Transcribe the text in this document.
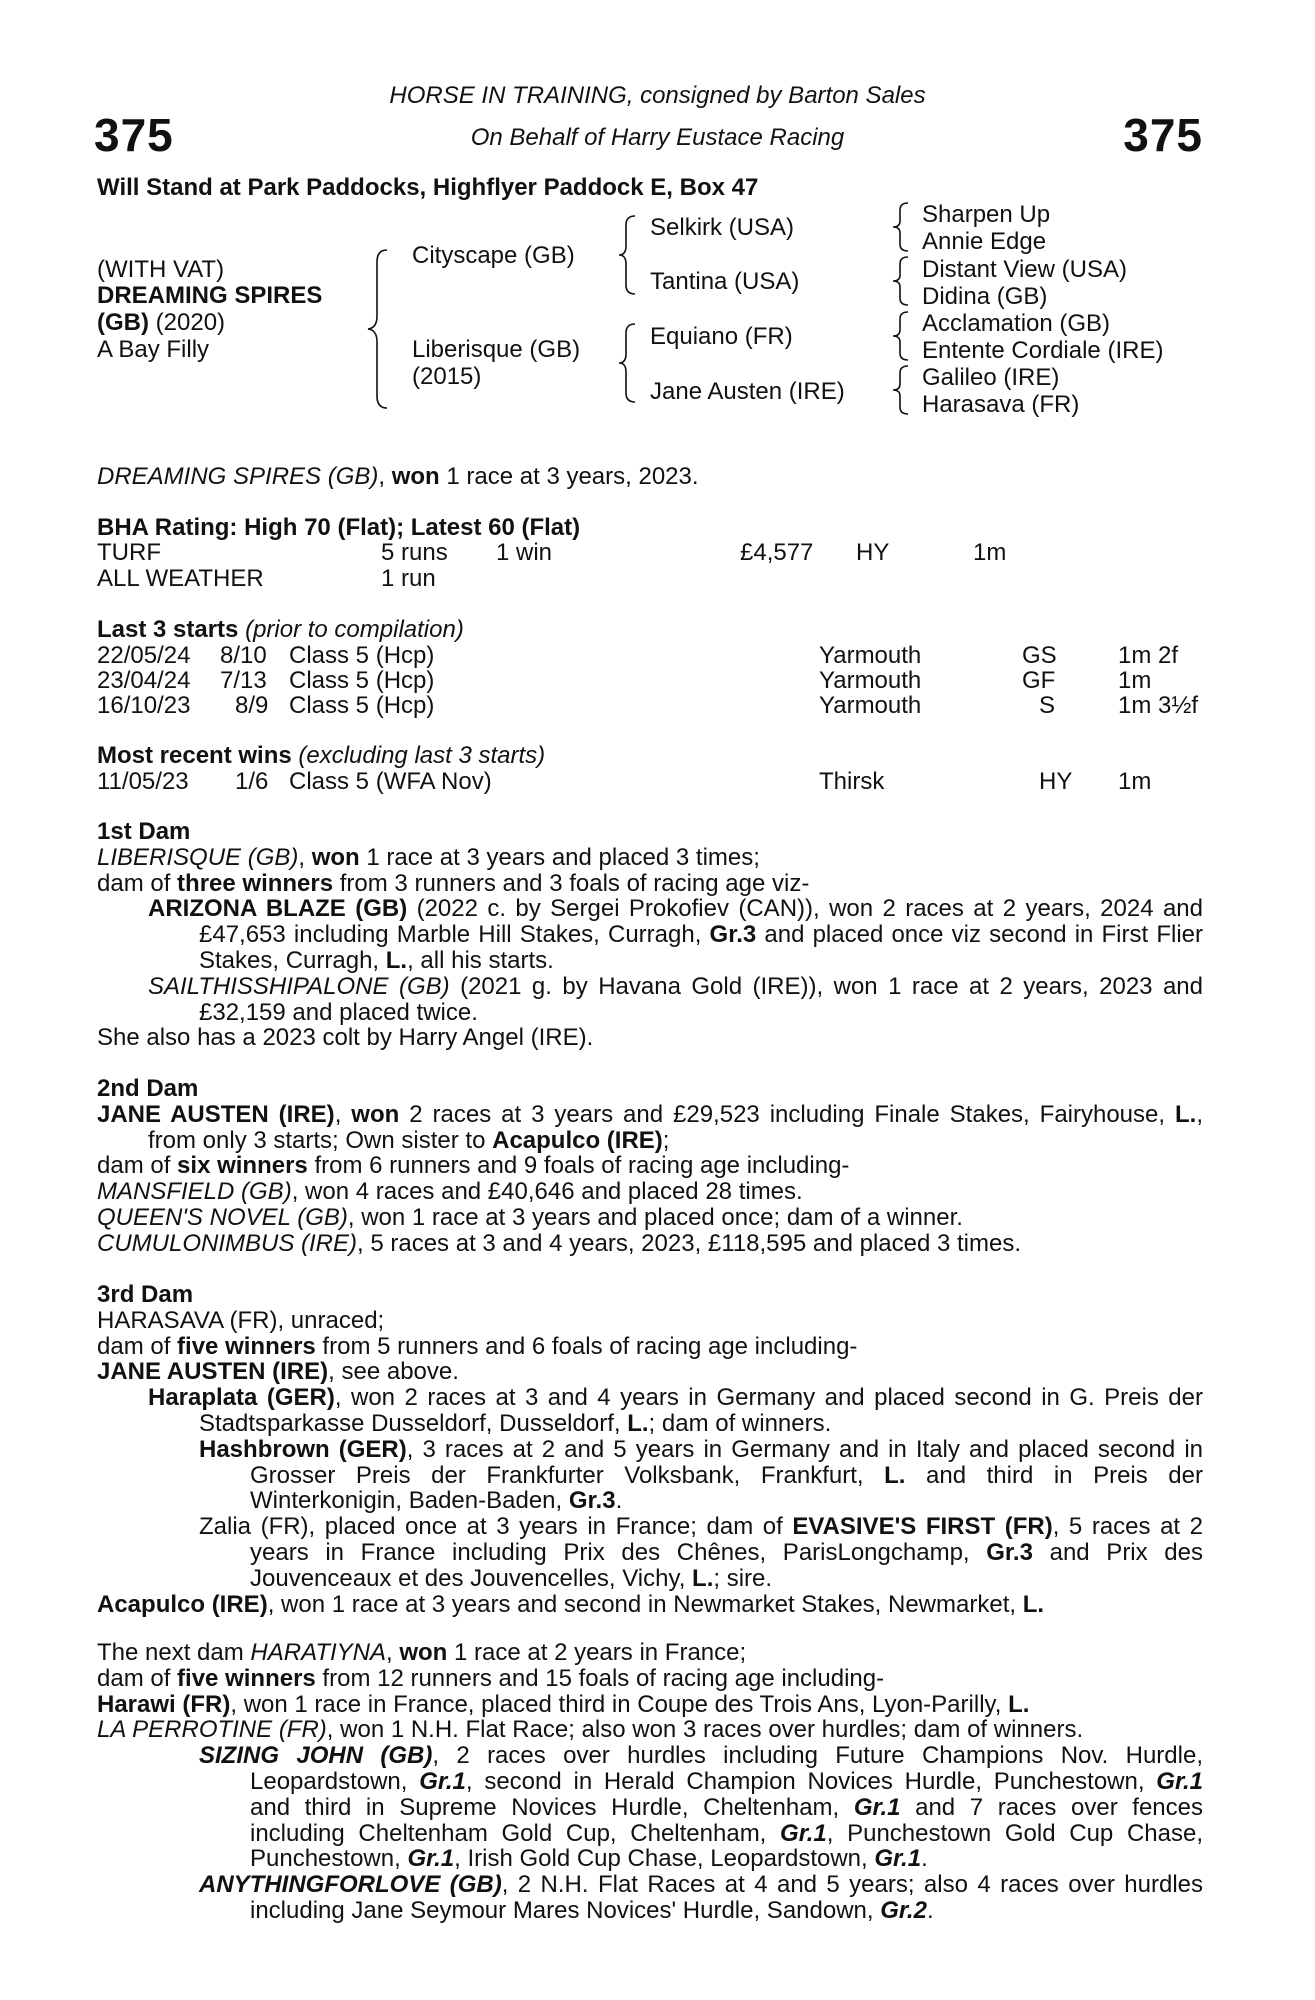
375	375
HORSE IN TRAINING, consigned by Barton Sales
On Behalf of Harry Eustace Racing
Will Stand at Park Paddocks, Highflyer Paddock E, Box 47
(WITH VAT)
DREAMING SPIRES
(GB) (2020)
A Bay Filly
Cityscape (GB)
Liberisque (GB)
(2015)
Selkirk (USA)
Tantina (USA)
Equiano (FR)
Jane Austen (IRE)
Sharpen Up
Annie Edge
Distant View (USA)
Didina (GB)
Acclamation (GB)
Entente Cordiale (IRE)
Galileo (IRE)
Harasava (FR)
DREAMING SPIRES (GB), won 1 race at 3 years, 2023.
BHA Rating: High 70 (Flat); Latest 60 (Flat)
TURF	5 runs 1 win	£4,577 HY	1m
ALL WEATHER	1 run
Last 3 starts (prior to compilation)
22/05/24 8/10 Class 5 (Hcp)	Yarmouth	GS	1m 2f
23/04/24 7/13 Class 5 (Hcp)	Yarmouth	GF	1m
16/10/23 8/9 Class 5 (Hcp)	Yarmouth	S	1m 3½f
Most recent wins (excluding last 3 starts)
11/05/23 1/6 Class 5 (WFA Nov)	Thirsk	HY 1m

1st Dam

LIBERISQUE (GB), won 1 race at 3 years and placed 3 times;

dam of three winners from 3 runners and 3 foals of racing age viz-

ARIZONA BLAZE (GB) (2022 c. by Sergei Prokofiev (CAN)), won 2 races at 2 years, 2024 and £47,653 including Marble Hill Stakes, Curragh, Gr.3 and placed once viz second in First Flier Stakes, Curragh, L., all his starts.

SAILTHISSHIPALONE (GB) (2021 g. by Havana Gold (IRE)), won 1 race at 2 years, 2023 and £32,159 and placed twice.

She also has a 2023 colt by Harry Angel (IRE).

2nd Dam

JANE AUSTEN (IRE), won 2 races at 3 years and £29,523 including Finale Stakes, Fairyhouse, L., from only 3 starts; Own sister to Acapulco (IRE);

dam of six winners from 6 runners and 9 foals of racing age including-

MANSFIELD (GB), won 4 races and £40,646 and placed 28 times.

QUEEN'S NOVEL (GB), won 1 race at 3 years and placed once; dam of a winner.

CUMULONIMBUS (IRE), 5 races at 3 and 4 years, 2023, £118,595 and placed 3 times.

3rd Dam

HARASAVA (FR), unraced;

dam of five winners from 5 runners and 6 foals of racing age including-

JANE AUSTEN (IRE), see above.

Haraplata (GER), won 2 races at 3 and 4 years in Germany and placed second in G. Preis der Stadtsparkasse Dusseldorf, Dusseldorf, L.; dam of winners.

Hashbrown (GER), 3 races at 2 and 5 years in Germany and in Italy and placed second in Grosser Preis der Frankfurter Volksbank, Frankfurt, L. and third in Preis der Winterkonigin, Baden-Baden, Gr.3.

Zalia (FR), placed once at 3 years in France; dam of EVASIVE'S FIRST (FR), 5 races at 2 years in France including Prix des Chênes, ParisLongchamp, Gr.3 and Prix des Jouvenceaux et des Jouvencelles, Vichy, L.; sire.

Acapulco (IRE), won 1 race at 3 years and second in Newmarket Stakes, Newmarket, L.

The next dam HARATIYNA, won 1 race at 2 years in France;

dam of five winners from 12 runners and 15 foals of racing age including-

Harawi (FR), won 1 race in France, placed third in Coupe des Trois Ans, Lyon-Parilly, L.

LA PERROTINE (FR), won 1 N.H. Flat Race; also won 3 races over hurdles; dam of winners.

SIZING JOHN (GB), 2 races over hurdles including Future Champions Nov. Hurdle, Leopardstown, Gr.1, second in Herald Champion Novices Hurdle, Punchestown, Gr.1 and third in Supreme Novices Hurdle, Cheltenham, Gr.1 and 7 races over fences including Cheltenham Gold Cup, Cheltenham, Gr.1, Punchestown Gold Cup Chase, Punchestown, Gr.1, Irish Gold Cup Chase, Leopardstown, Gr.1.

ANYTHINGFORLOVE (GB), 2 N.H. Flat Races at 4 and 5 years; also 4 races over hurdles including Jane Seymour Mares Novices' Hurdle, Sandown, Gr.2.
